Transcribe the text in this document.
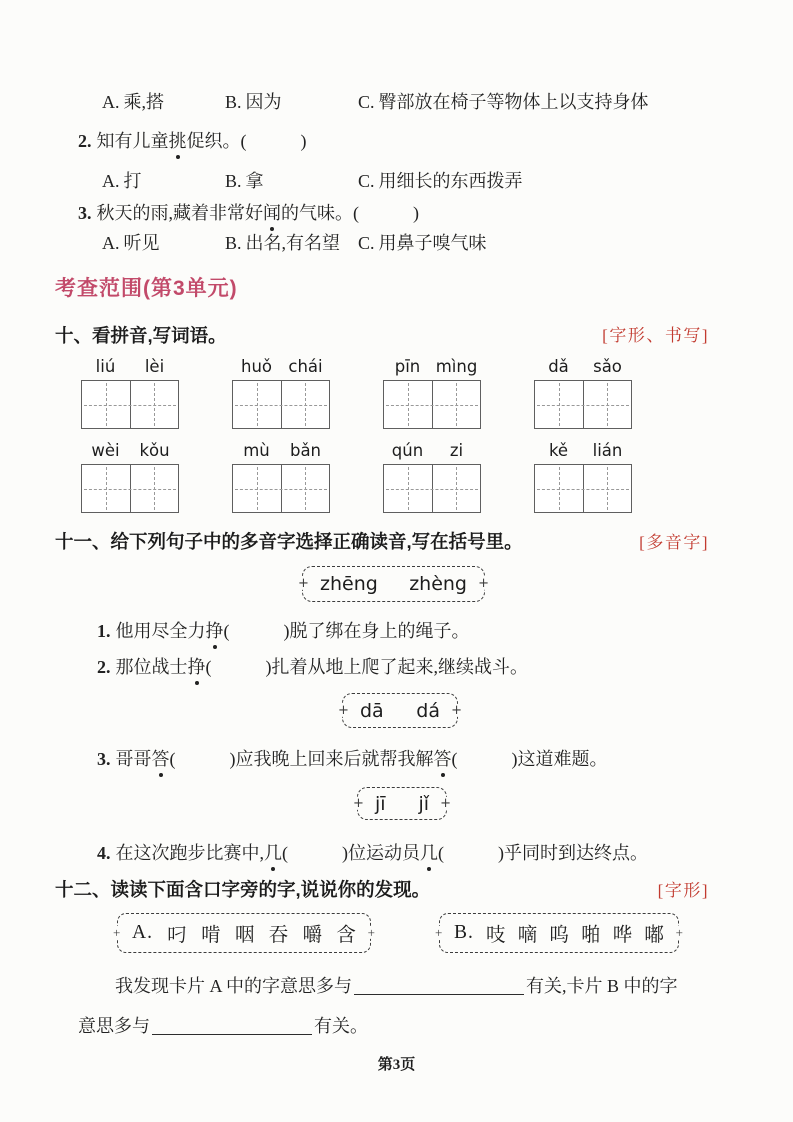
A. 乘,搭	B. 因为	C. 臀部放在椅子等物体上以支持身体
2. 知有儿童挑促织。(	)
A. 打	B. 拿	C. 用细长的东西拨弄
3. 秋天的雨,藏着非常好闻的气味。(	)
A. 听见	B. 出名,有名望 C. 用鼻子嗅气味
考查范围(第3单元)
十、看拼音,写词语。	[字形、书写]
liú	lèi	huǒ chái	pīn mìng	dǎ	sǎo
wèi	kǒu	mù	bǎn	qún	zi	kě	lián
十一、给下列句子中的多音字选择正确读音,写在括号里。	[多音字]
+ zhēng zhèng
+
1. 他用尽全力挣(	)脱了绑在身上的绳子。
2. 那位战士挣(	)扎着从地上爬了起来,继续战斗。
+ dā dá
+
3. 哥哥答(	)应我晚上回来后就帮我解答(	)这道难题。
+ jī jǐ
+
4. 在这次跑步比赛中,几(	)位运动员几(	)乎同时到达终点。
十二、读读下面含口字旁的字,说说你的发现。	[字形]
+ A. 叼 啃 咽 吞 嚼 含
+	+ B. 吱 嘀 呜 啪 哗 嘟
+
我发现卡片 A 中的字意思多与	有关,卡片 B 中的字
意思多与	有关。
第3页
